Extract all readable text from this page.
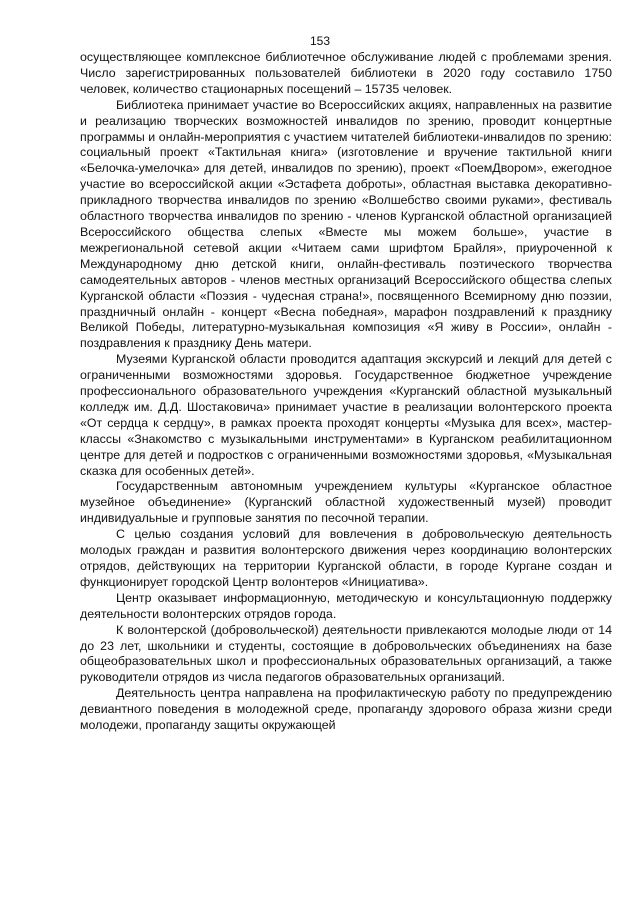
153

осуществляющее комплексное библиотечное обслуживание людей с проблемами зрения. Число зарегистрированных пользователей библиотеки в 2020 году составило 1750 человек, количество стационарных посещений – 15735 человек.

Библиотека принимает участие во Всероссийских акциях, направленных на развитие и реализацию творческих возможностей инвалидов по зрению, проводит концертные программы и онлайн-мероприятия с участием читателей библиотеки-инвалидов по зрению: социальный проект «Тактильная книга» (изготовление и вручение тактильной книги «Белочка-умелочка» для детей, инвалидов по зрению), проект «ПоемДвором», ежегодное участие во всероссийской акции «Эстафета доброты», областная выставка декоративно-прикладного творчества инвалидов по зрению «Волшебство своими руками», фестиваль областного творчества инвалидов по зрению - членов Курганской областной организацией Всероссийского общества слепых «Вместе мы можем больше», участие в межрегиональной сетевой акции «Читаем сами шрифтом Брайля», приуроченной к Международному дню детской книги, онлайн-фестиваль поэтического творчества самодеятельных авторов - членов местных организаций Всероссийского общества слепых Курганской области «Поэзия - чудесная страна!», посвященного Всемирному дню поэзии, праздничный онлайн - концерт «Весна победная», марафон поздравлений к празднику Великой Победы, литературно-музыкальная композиция «Я живу в России», онлайн - поздравления к празднику День матери.

Музеями Курганской области проводится адаптация экскурсий и лекций для детей с ограниченными возможностями здоровья. Государственное бюджетное учреждение профессионального образовательного учреждения «Курганский областной музыкальный колледж им. Д.Д. Шостаковича» принимает участие в реализации волонтерского проекта «От сердца к сердцу», в рамках проекта проходят концерты «Музыка для всех», мастер-классы «Знакомство с музыкальными инструментами» в Курганском реабилитационном центре для детей и подростков с ограниченными возможностями здоровья, «Музыкальная сказка для особенных детей».

Государственным автономным учреждением культуры «Курганское областное музейное объединение» (Курганский областной художественный музей) проводит индивидуальные и групповые занятия по песочной терапии.

С целью создания условий для вовлечения в добровольческую деятельность молодых граждан и развития волонтерского движения через координацию волонтерских отрядов, действующих на территории Курганской области, в городе Кургане создан и функционирует городской Центр волонтеров «Инициатива».

Центр оказывает информационную, методическую и консультационную поддержку деятельности волонтерских отрядов города.

К волонтерской (добровольческой) деятельности привлекаются молодые люди от 14 до 23 лет, школьники и студенты, состоящие в добровольческих объединениях на базе общеобразовательных школ и профессиональных образовательных организаций, а также руководители отрядов из числа педагогов образовательных организаций.

Деятельность центра направлена на профилактическую работу по предупреждению девиантного поведения в молодежной среде, пропаганду здорового образа жизни среди молодежи, пропаганду защиты окружающей
